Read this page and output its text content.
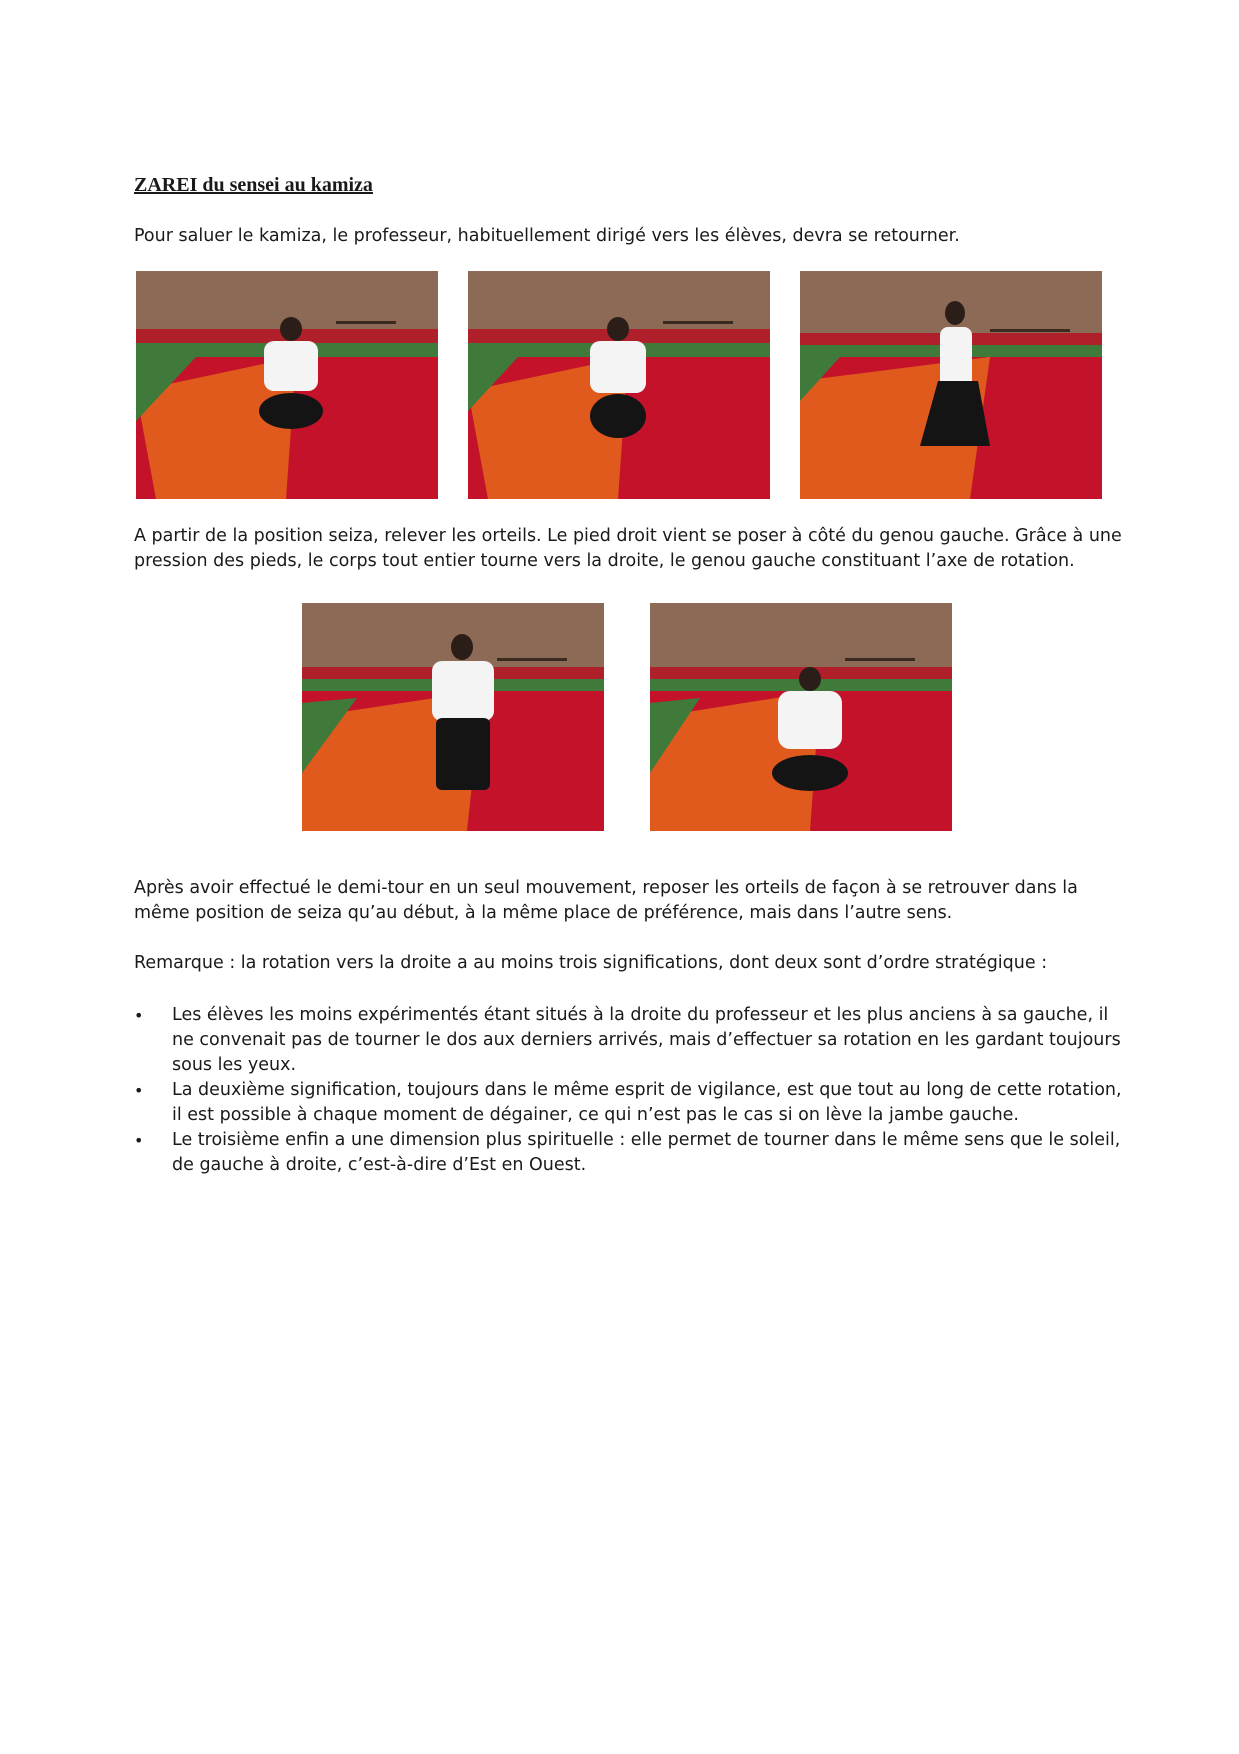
ZAREI du sensei au kamiza

Pour saluer le kamiza, le professeur, habituellement dirigé vers les élèves, devra se retourner.

A partir de la position seiza, relever les orteils. Le pied droit vient se poser à côté du genou gauche. Grâce à une pression des pieds, le corps tout entier tourne vers la droite, le genou gauche constituant l’axe de rotation.

Après avoir effectué le demi-tour en un seul mouvement, reposer les orteils de façon à se retrouver dans la même position de seiza qu’au début, à la même place de préférence, mais dans l’autre sens.

Remarque : la rotation vers la droite a au moins trois significations, dont deux sont d’ordre stratégique :

• Les élèves les moins expérimentés étant situés à la droite du professeur et les plus anciens à sa gauche, il ne convenait pas de tourner le dos aux derniers arrivés, mais d’effectuer sa rotation en les gardant toujours sous les yeux.
• La deuxième signification, toujours dans le même esprit de vigilance, est que tout au long de cette rotation, il est possible à chaque moment de dégainer, ce qui n’est pas le cas si on lève la jambe gauche.
• Le troisième enfin a une dimension plus spirituelle : elle permet de tourner dans le même sens que le soleil, de gauche à droite, c’est-à-dire d’Est en Ouest.
